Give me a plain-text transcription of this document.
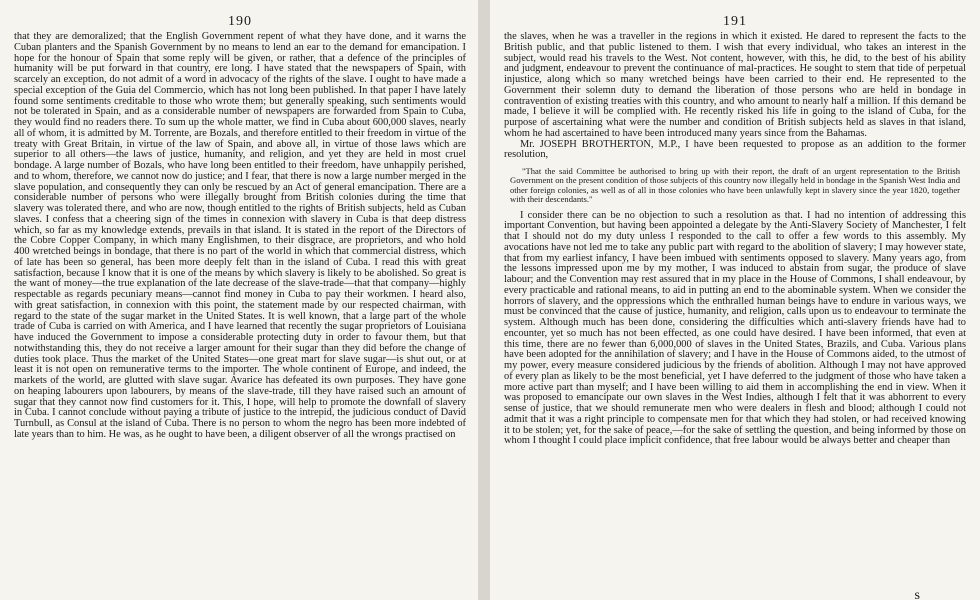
190

that they are demoralized; that the English Government repent of what they have done, and it warns the Cuban planters and the Spanish Government by no means to lend an ear to the demand for emancipation. I hope for the honour of Spain that some reply will be given, or rather, that a defence of the principles of humanity will be put forward in that country, ere long. I have stated that the newspapers of Spain, with scarcely an exception, do not admit of a word in advocacy of the rights of the slave. I ought to have made a special exception of the Guia del Commercio, which has not long been published. In that paper I have lately found some sentiments creditable to those who wrote them; but generally speaking, such sentiments would not be tolerated in Spain, and as a considerable number of newspapers are forwarded from Spain to Cuba, they would find no readers there. To sum up the whole matter, we find in Cuba about 600,000 slaves, nearly all of whom, it is admitted by M. Torrente, are Bozals, and therefore entitled to their freedom in virtue of the treaty with Great Britain, in virtue of the law of Spain, and above all, in virtue of those laws which are superior to all others—the laws of justice, humanity, and religion, and yet they are held in most cruel bondage. A large number of Bozals, who have long been entitled to their freedom, have unhappily perished, and to whom, therefore, we cannot now do justice; and I fear, that there is now a large number merged in the slave population, and consequently they can only be rescued by an Act of general emancipation. There are a considerable number of persons who were illegally brought from British colonies during the time that slavery was tolerated there, and who are now, though entitled to the rights of British subjects, held as Cuban slaves. I confess that a cheering sign of the times in connexion with slavery in Cuba is that deep distress which, so far as my knowledge extends, prevails in that island. It is stated in the report of the Directors of the Cobre Copper Company, in which many Englishmen, to their disgrace, are proprietors, and who hold 400 wretched beings in bondage, that there is no part of the world in which that commercial distress, which of late has been so general, has been more deeply felt than in the island of Cuba. I read this with great satisfaction, because I know that it is one of the means by which slavery is likely to be abolished. So great is the want of money—the true explanation of the late decrease of the slave-trade—that that company—highly respectable as regards pecuniary means—cannot find money in Cuba to pay their workmen. I heard also, with great satisfaction, in connexion with this point, the statement made by our respected chairman, with regard to the state of the sugar market in the United States. It is well known, that a large part of the whole trade of Cuba is carried on with America, and I have learned that recently the sugar proprietors of Louisiana have induced the Government to impose a considerable protecting duty in order to favour them, but that notwithstanding this, they do not receive a larger amount for their sugar than they did before the change of duties took place. Thus the market of the United States—one great mart for slave sugar—is shut out, or at least it is not open on remunerative terms to the importer. The whole continent of Europe, and indeed, the markets of the world, are glutted with slave sugar. Avarice has defeated its own purposes. They have gone on heaping labourers upon labourers, by means of the slave-trade, till they have raised such an amount of sugar that they cannot now find customers for it. This, I hope, will help to promote the downfall of slavery in Cuba. I cannot conclude without paying a tribute of justice to the intrepid, the judicious conduct of David Turnbull, as Consul at the island of Cuba. There is no person to whom the negro has been more indebted of late years than to him. He was, as he ought to have been, a diligent observer of all the wrongs practised on

191

the slaves, when he was a traveller in the regions in which it existed. He dared to represent the facts to the British public, and that public listened to them. I wish that every individual, who takes an interest in the subject, would read his travels to the West. Not content, however, with this, he did, to the best of his ability and judgment, endeavour to prevent the continuance of mal-practices. He sought to stem that tide of perpetual injustice, along which so many wretched beings have been carried to their end. He represented to the Government their solemn duty to demand the liberation of those persons who are held in bondage in contravention of existing treaties with this country, and who amount to nearly half a million. If this demand be made, I believe it will be complied with. He recently risked his life in going to the island of Cuba, for the purpose of ascertaining what were the number and condition of British subjects held as slaves in that island, whom he had ascertained to have been introduced many years since from the Bahamas.

Mr. JOSEPH BROTHERTON, M.P., I have been requested to propose as an addition to the former resolution,

"That the said Committee be authorised to bring up with their report, the draft of an urgent representation to the British Government on the present condition of those subjects of this country now illegally held in bondage in the Spanish West India and other foreign colonies, as well as of all in those colonies who have been unlawfully kept in slavery since the year 1820, together with their descendants."

I consider there can be no objection to such a resolution as that. I had no intention of addressing this important Convention, but having been appointed a delegate by the Anti-Slavery Society of Manchester, I felt that I should not do my duty unless I responded to the call to offer a few words to this assembly. My avocations have not led me to take any public part with regard to the abolition of slavery; I may however state, that from my earliest infancy, I have been imbued with sentiments opposed to slavery. Many years ago, from the lessons impressed upon me by my mother, I was induced to abstain from sugar, the produce of slave labour; and the Convention may rest assured that in my place in the House of Commons, I shall endeavour, by every practicable and rational means, to aid in putting an end to the abominable system. When we consider the horrors of slavery, and the oppressions which the enthralled human beings have to endure in various ways, we must be convinced that the cause of justice, humanity, and religion, calls upon us to endeavour to terminate the system. Although much has been done, considering the difficulties which anti-slavery friends have had to encounter, yet so much has not been effected, as one could have desired. I have been informed, that even at this time, there are no fewer than 6,000,000 of slaves in the United States, Brazils, and Cuba. Various plans have been adopted for the annihilation of slavery; and I have in the House of Commons aided, to the utmost of my power, every measure considered judicious by the friends of abolition. Although I may not have approved of every plan as likely to be the most beneficial, yet I have deferred to the judgment of those who have taken a more active part than myself; and I have been willing to aid them in accomplishing the end in view. When it was proposed to emancipate our own slaves in the West Indies, although I felt that it was abhorrent to every sense of justice, that we should remunerate men who were dealers in flesh and blood; although I could not admit that it was a right principle to compensate men for that which they had stolen, or had received knowing it to be stolen; yet, for the sake of peace,—for the sake of settling the question, and being informed by those on whom I thought I could place implicit confidence, that free labour would be always better and cheaper than

s
